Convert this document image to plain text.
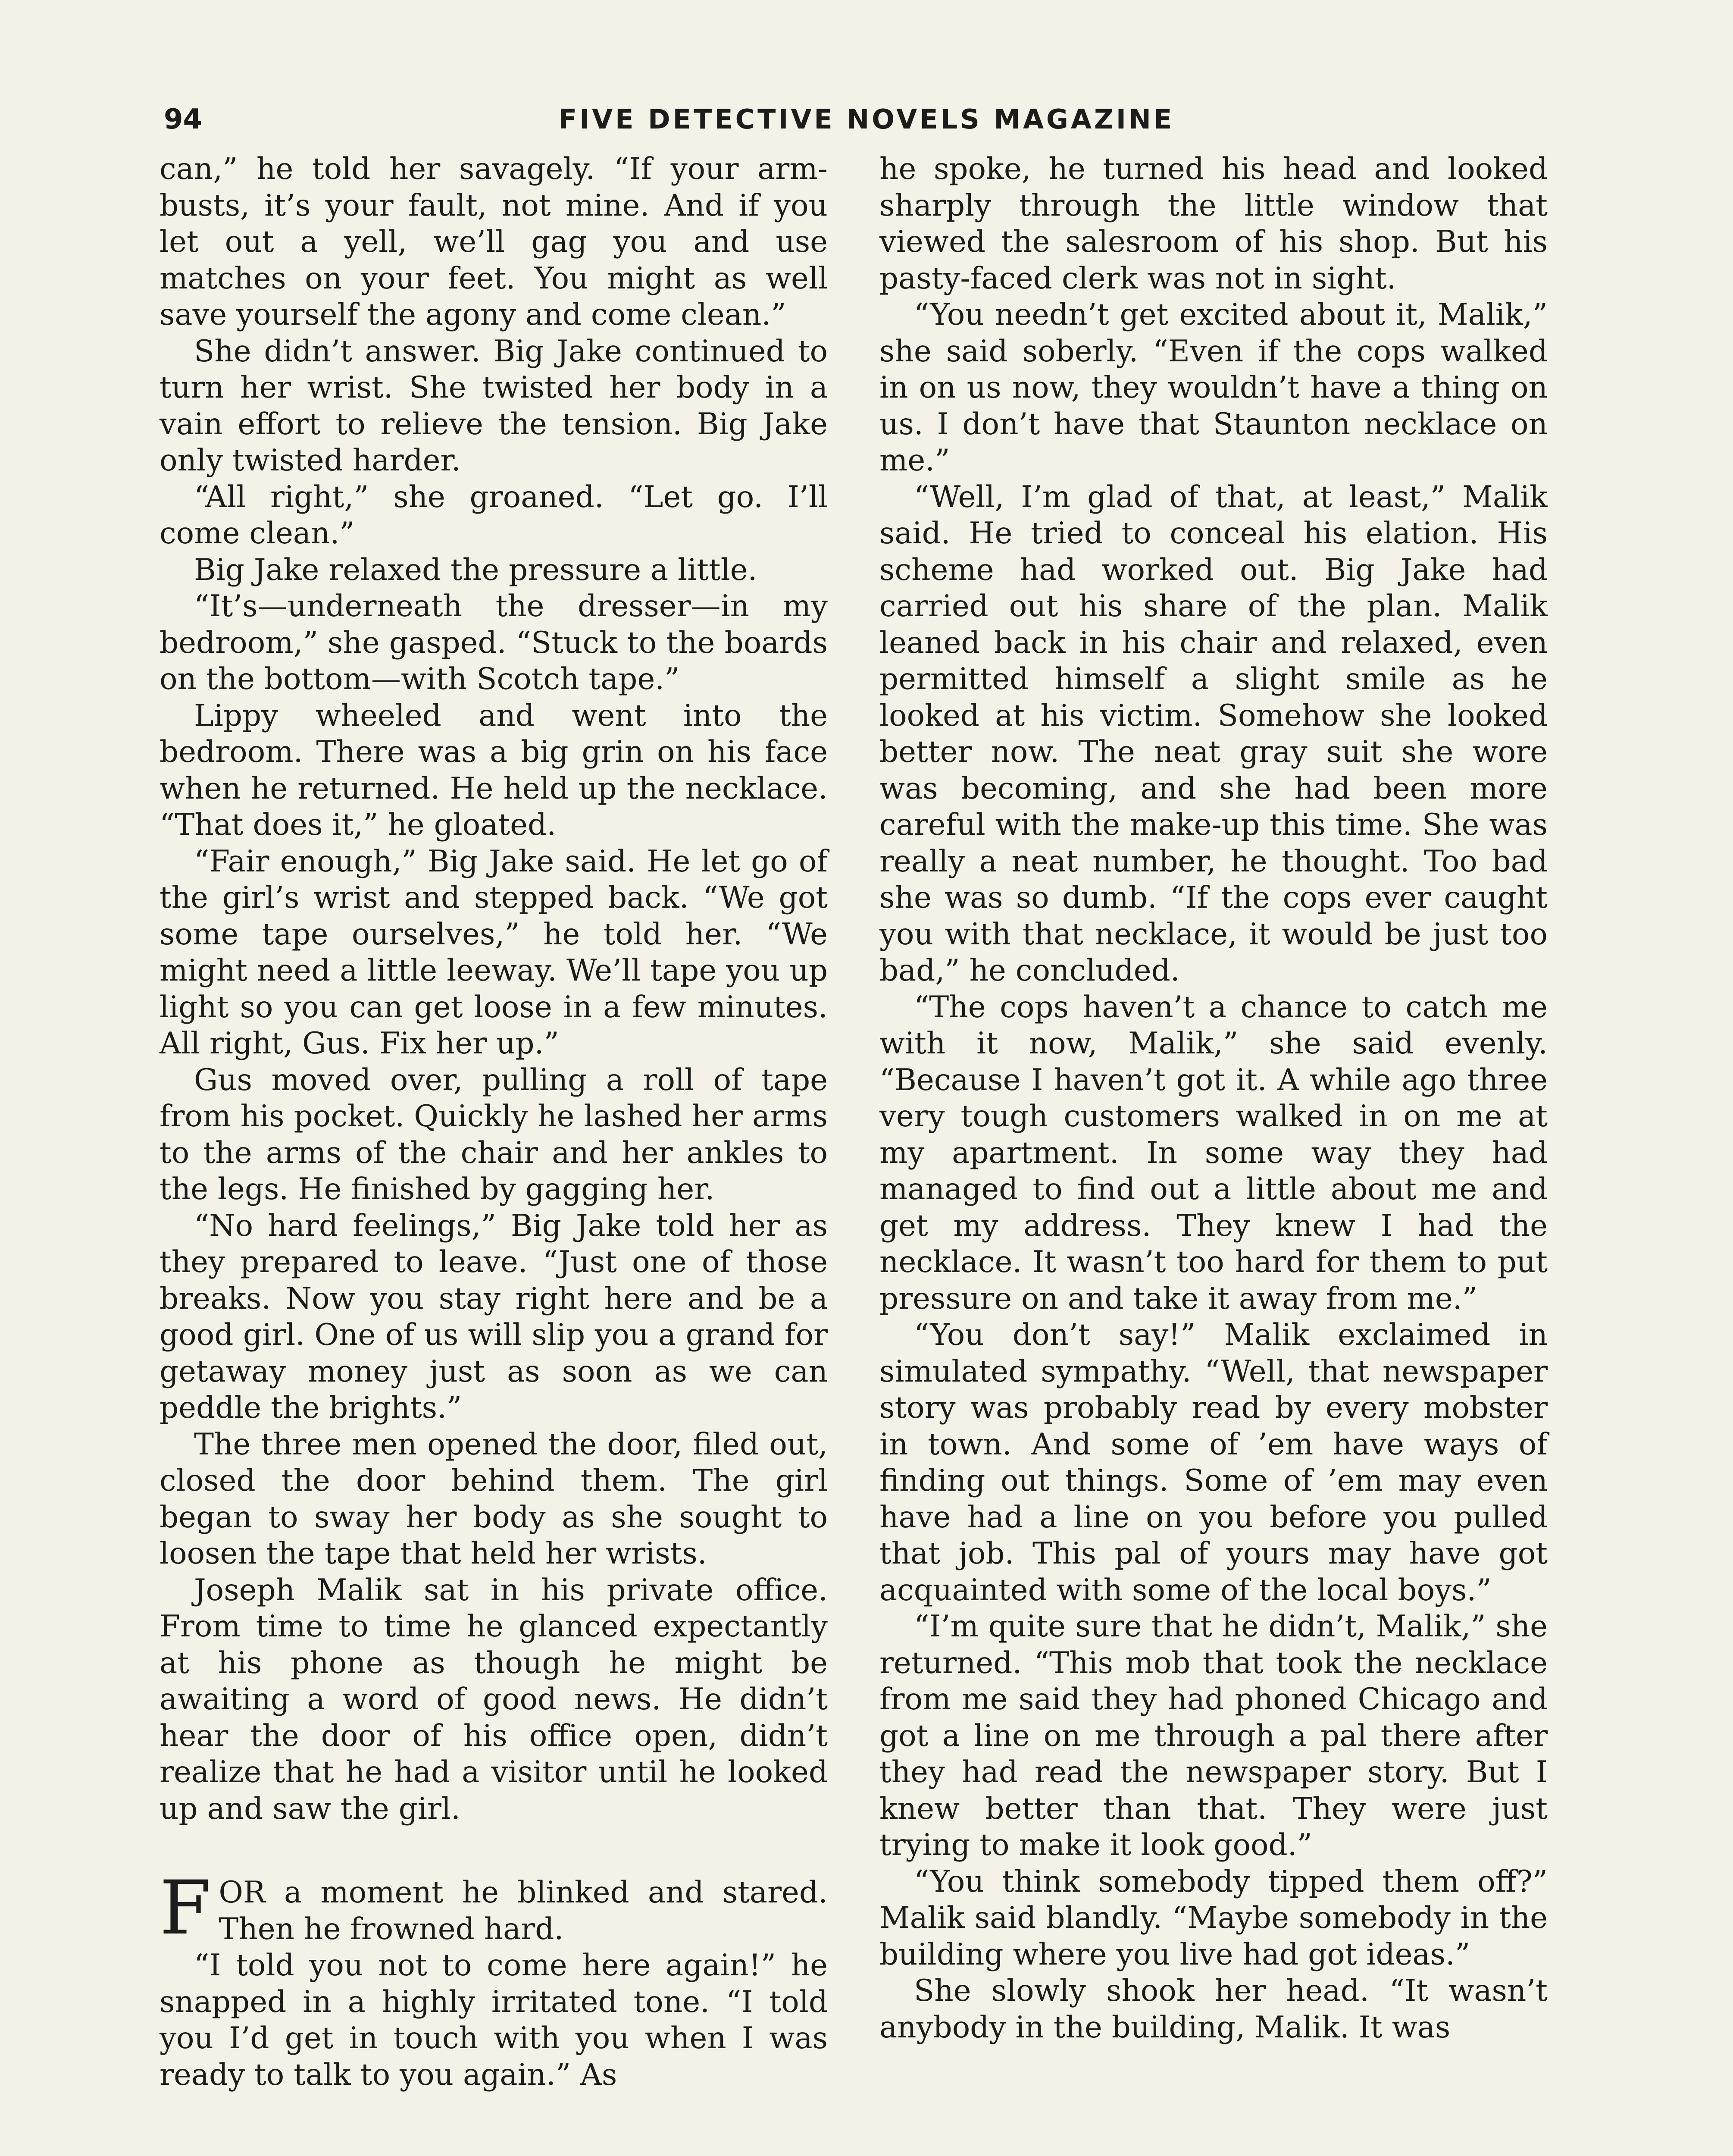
94	FIVE DETECTIVE NOVELS MAGAZINE

can,” he told her savagely. “If your arm-busts, it’s your fault, not mine. And if you let out a yell, we’ll gag you and use matches on your feet. You might as well save yourself the agony and come clean.”

She didn’t answer. Big Jake continued to turn her wrist. She twisted her body in a vain effort to relieve the tension. Big Jake only twisted harder.

“All right,” she groaned. “Let go. I’ll come clean.”

Big Jake relaxed the pressure a little.

“It’s—underneath the dresser—in my bedroom,” she gasped. “Stuck to the boards on the bottom—with Scotch tape.”

Lippy wheeled and went into the bedroom. There was a big grin on his face when he returned. He held up the necklace. “That does it,” he gloated.

“Fair enough,” Big Jake said. He let go of the girl’s wrist and stepped back. “We got some tape ourselves,” he told her. “We might need a little leeway. We’ll tape you up light so you can get loose in a few minutes. All right, Gus. Fix her up.”

Gus moved over, pulling a roll of tape from his pocket. Quickly he lashed her arms to the arms of the chair and her ankles to the legs. He finished by gagging her.

“No hard feelings,” Big Jake told her as they prepared to leave. “Just one of those breaks. Now you stay right here and be a good girl. One of us will slip you a grand for getaway money just as soon as we can peddle the brights.”

The three men opened the door, filed out, closed the door behind them. The girl began to sway her body as she sought to loosen the tape that held her wrists.

Joseph Malik sat in his private office. From time to time he glanced expectantly at his phone as though he might be awaiting a word of good news. He didn’t hear the door of his office open, didn’t realize that he had a visitor until he looked up and saw the girl.

FOR a moment he blinked and stared. Then he frowned hard.

“I told you not to come here again!” he snapped in a highly irritated tone. “I told you I’d get in touch with you when I was ready to talk to you again.” As

he spoke, he turned his head and looked sharply through the little window that viewed the salesroom of his shop. But his pasty-faced clerk was not in sight.

“You needn’t get excited about it, Malik,” she said soberly. “Even if the cops walked in on us now, they wouldn’t have a thing on us. I don’t have that Staunton necklace on me.”

“Well, I’m glad of that, at least,” Malik said. He tried to conceal his elation. His scheme had worked out. Big Jake had carried out his share of the plan. Malik leaned back in his chair and relaxed, even permitted himself a slight smile as he looked at his victim. Somehow she looked better now. The neat gray suit she wore was becoming, and she had been more careful with the make-up this time. She was really a neat number, he thought. Too bad she was so dumb. “If the cops ever caught you with that necklace, it would be just too bad,” he concluded.

“The cops haven’t a chance to catch me with it now, Malik,” she said evenly. “Because I haven’t got it. A while ago three very tough customers walked in on me at my apartment. In some way they had managed to find out a little about me and get my address. They knew I had the necklace. It wasn’t too hard for them to put pressure on and take it away from me.”

“You don’t say!” Malik exclaimed in simulated sympathy. “Well, that newspaper story was probably read by every mobster in town. And some of ’em have ways of finding out things. Some of ’em may even have had a line on you before you pulled that job. This pal of yours may have got acquainted with some of the local boys.”

“I’m quite sure that he didn’t, Malik,” she returned. “This mob that took the necklace from me said they had phoned Chicago and got a line on me through a pal there after they had read the newspaper story. But I knew better than that. They were just trying to make it look good.”

“You think somebody tipped them off?” Malik said blandly. “Maybe somebody in the building where you live had got ideas.”

She slowly shook her head. “It wasn’t anybody in the building, Malik. It was
